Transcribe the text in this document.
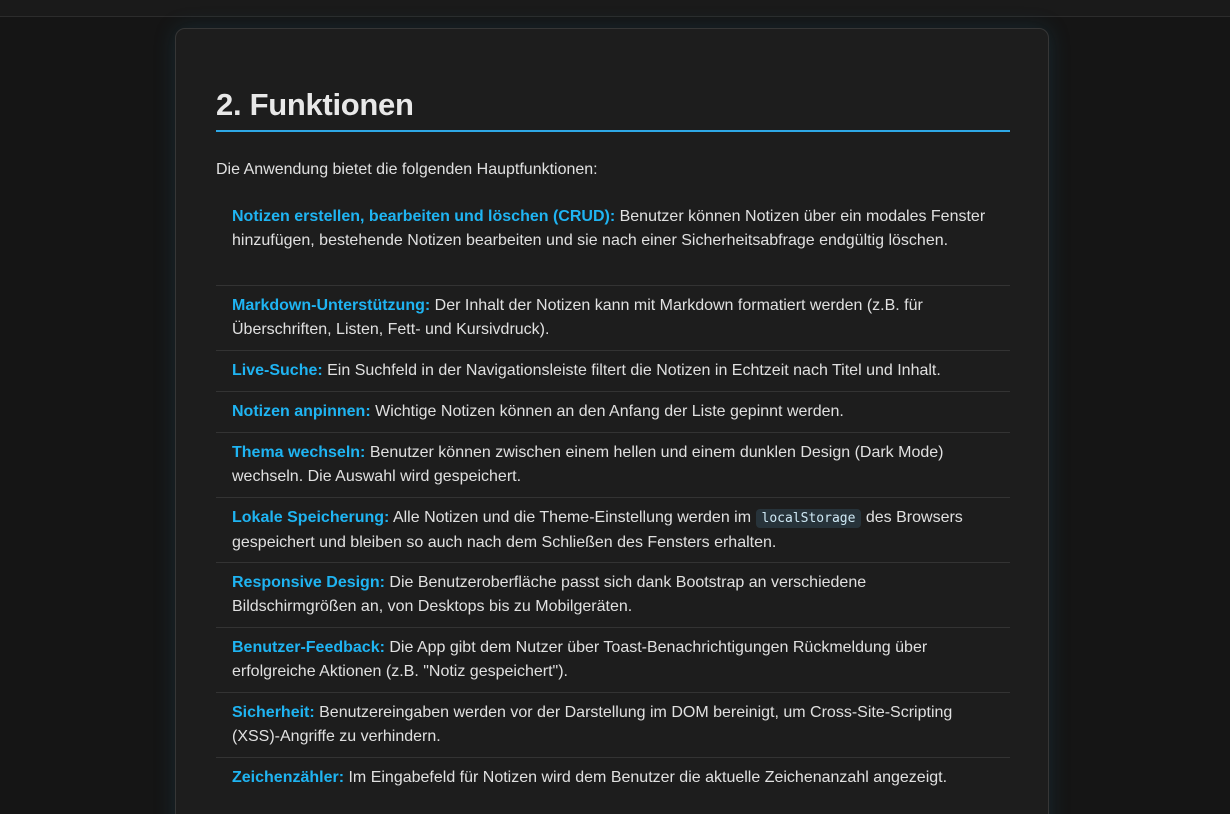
2. Funktionen

Die Anwendung bietet die folgenden Hauptfunktionen:

Notizen erstellen, bearbeiten und löschen (CRUD): Benutzer können Notizen über ein modales Fenster hinzufügen, bestehende Notizen bearbeiten und sie nach einer Sicherheitsabfrage endgültig löschen.
Markdown-Unterstützung: Der Inhalt der Notizen kann mit Markdown formatiert werden (z.B. für Überschriften, Listen, Fett- und Kursivdruck).
Live-Suche: Ein Suchfeld in der Navigationsleiste filtert die Notizen in Echtzeit nach Titel und Inhalt.
Notizen anpinnen: Wichtige Notizen können an den Anfang der Liste gepinnt werden.
Thema wechseln: Benutzer können zwischen einem hellen und einem dunklen Design (Dark Mode) wechseln. Die Auswahl wird gespeichert.
Lokale Speicherung: Alle Notizen und die Theme-Einstellung werden im localStorage des Browsers gespeichert und bleiben so auch nach dem Schließen des Fensters erhalten.
Responsive Design: Die Benutzeroberfläche passt sich dank Bootstrap an verschiedene Bildschirmgrößen an, von Desktops bis zu Mobilgeräten.
Benutzer-Feedback: Die App gibt dem Nutzer über Toast-Benachrichtigungen Rückmeldung über erfolgreiche Aktionen (z.B. "Notiz gespeichert").
Sicherheit: Benutzereingaben werden vor der Darstellung im DOM bereinigt, um Cross-Site-Scripting (XSS)-Angriffe zu verhindern.
Zeichenzähler: Im Eingabefeld für Notizen wird dem Benutzer die aktuelle Zeichenanzahl angezeigt.
